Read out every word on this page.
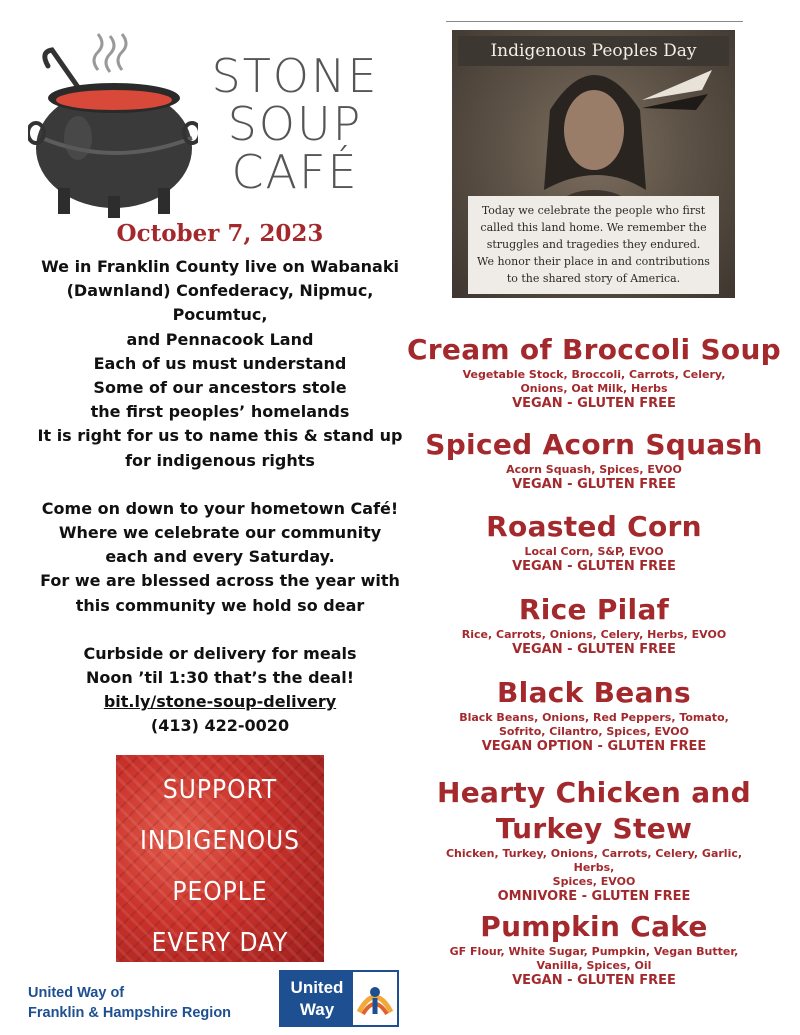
STONE
SOUP
CAFÉ
October 7, 2023

We in Franklin County live on Wabanaki

(Dawnland) Confederacy, Nipmuc,

Pocumtuc,

and Pennacook Land

Each of us must understand

Some of our ancestors stole

the first peoples’ homelands

It is right for us to name this & stand up

for indigenous rights

Come on down to your hometown Café!

Where we celebrate our community

each and every Saturday.

For we are blessed across the year with

this community we hold so dear

Curbside or delivery for meals

Noon ’til 1:30 that’s the deal!

bit.ly/stone-soup-delivery

(413) 422-0020

SUPPORT
INDIGENOUS
PEOPLE
EVERY DAY
United Way of
Franklin & Hampshire Region
United
Way
Indigenous Peoples Day
Today we celebrate the people who first
called this land home. We remember the
struggles and tragedies they endured.
We honor their place in and contributions
to the shared story of America.
Cream of Broccoli Soup
Vegetable Stock, Broccoli, Carrots, Celery,
Onions, Oat Milk, Herbs
VEGAN - GLUTEN FREE
Spiced Acorn Squash
Acorn Squash, Spices, EVOO
VEGAN - GLUTEN FREE
Roasted Corn
Local Corn, S&P, EVOO
VEGAN - GLUTEN FREE
Rice Pilaf
Rice, Carrots, Onions, Celery, Herbs, EVOO
VEGAN - GLUTEN FREE
Black Beans
Black Beans, Onions, Red Peppers, Tomato,
Sofrito, Cilantro, Spices, EVOO
VEGAN OPTION - GLUTEN FREE
Hearty Chicken and
Turkey Stew
Chicken, Turkey, Onions, Carrots, Celery, Garlic, Herbs,
Spices, EVOO
OMNIVORE - GLUTEN FREE
Pumpkin Cake
GF Flour, White Sugar, Pumpkin, Vegan Butter,
Vanilla, Spices, Oil
VEGAN - GLUTEN FREE
